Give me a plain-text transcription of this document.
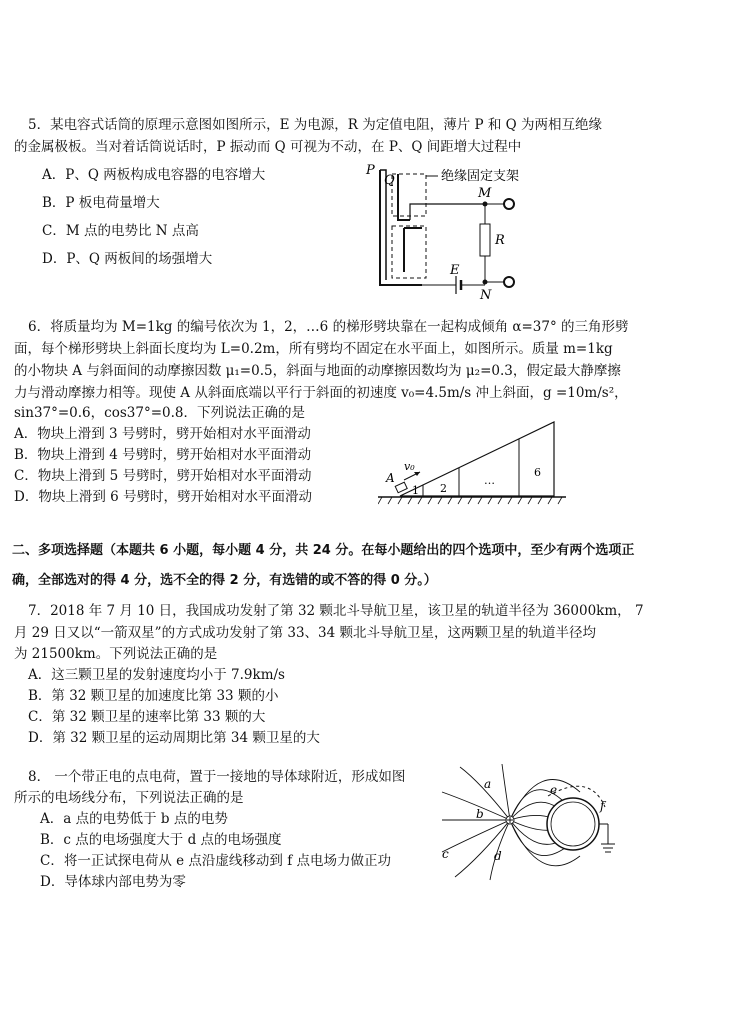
5．某电容式话筒的原理示意图如图所示，E 为电源，R 为定值电阻，薄片 P 和 Q 为两相互绝缘
的金属极板。当对着话筒说话时，P 振动而 Q 可视为不动，在 P、Q 间距增大过程中
A．P、Q 两板构成电容器的电容增大
B．P 板电荷量增大
C．M 点的电势比 N 点高
D．P、Q 两板间的场强增大
P
Q	绝缘固定支架
M
R
E
N
6．将质量均为 M=1kg 的编号依次为 1，2，…6 的梯形劈块靠在一起构成倾角 α=37° 的三角形劈
面，每个梯形劈块上斜面长度均为 L=0.2m，所有劈均不固定在水平面上，如图所示。质量 m=1kg
的小物块 A 与斜面间的动摩擦因数 μ₁=0.5，斜面与地面的动摩擦因数均为 μ₂=0.3，假定最大静摩擦
力与滑动摩擦力相等。现使 A 从斜面底端以平行于斜面的初速度 v₀=4.5m/s 冲上斜面，g =10m/s²，
sin37°=0.6，cos37°=0.8．下列说法正确的是
A．物块上滑到 3 号劈时，劈开始相对水平面滑动
B．物块上滑到 4 号劈时，劈开始相对水平面滑动
C．物块上滑到 5 号劈时，劈开始相对水平面滑动
D．物块上滑到 6 号劈时，劈开始相对水平面滑动
A
v₀
1 2
…
6
二、多项选择题（本题共 6 小题，每小题 4 分，共 24 分。在每小题给出的四个选项中，至少有两个选项正
确，全部选对的得 4 分，选不全的得 2 分，有选错的或不答的得 0 分。）
7．2018 年 7 月 10 日，我国成功发射了第 32 颗北斗导航卫星，该卫星的轨道半径为 36000km， 7
月 29 日又以“一箭双星”的方式成功发射了第 33、34 颗北斗导航卫星，这两颗卫星的轨道半径均
为 21500km。下列说法正确的是
A．这三颗卫星的发射速度均小于 7.9km/s
B．第 32 颗卫星的加速度比第 33 颗的小
C．第 32 颗卫星的速率比第 33 颗的大
D．第 32 颗卫星的运动周期比第 34 颗卫星的大
8． 一个带正电的点电荷，置于一接地的导体球附近，形成如图
所示的电场线分布，下列说法正确的是
A．a 点的电势低于 b 点的电势
B．c 点的电场强度大于 d 点的电场强度
C．将一正试探电荷从 e 点沿虚线移动到 f 点电场力做正功
D．导体球内部电势为零
a
b
c	d
e
f
